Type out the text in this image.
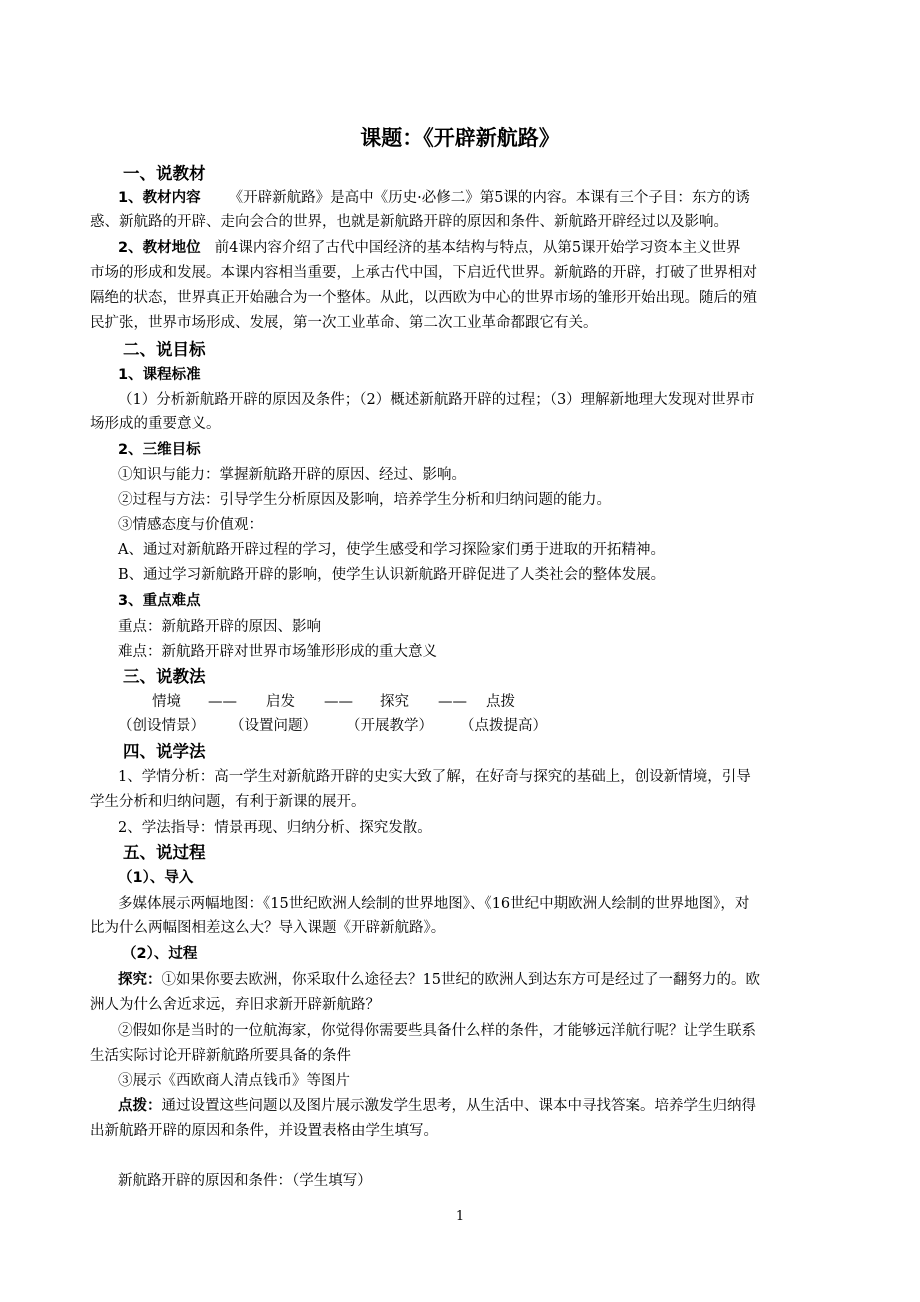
课题：《开辟新航路》
一、说教材
1、教材内容 《开辟新航路》是高中《历史·必修二》第5课的内容。本课有三个子目：东方的诱
惑、新航路的开辟、走向会合的世界，也就是新航路开辟的原因和条件、新航路开辟经过以及影响。
2、教材地位 前4课内容介绍了古代中国经济的基本结构与特点，从第5课开始学习资本主义世界
市场的形成和发展。本课内容相当重要，上承古代中国，下启近代世界。新航路的开辟，打破了世界相对
隔绝的状态，世界真正开始融合为一个整体。从此，以西欧为中心的世界市场的雏形开始出现。随后的殖
民扩张，世界市场形成、发展，第一次工业革命、第二次工业革命都跟它有关。
二、说目标
1、课程标准
（1）分析新航路开辟的原因及条件；（2）概述新航路开辟的过程；（3）理解新地理大发现对世界市
场形成的重要意义。
2、三维目标
①知识与能力：掌握新航路开辟的原因、经过、影响。
②过程与方法：引导学生分析原因及影响，培养学生分析和归纳问题的能力。
③情感态度与价值观：
A、通过对新航路开辟过程的学习，使学生感受和学习探险家们勇于进取的开拓精神。
B、通过学习新航路开辟的影响，使学生认识新航路开辟促进了人类社会的整体发展。
3、重点难点
重点：新航路开辟的原因、影响
难点：新航路开辟对世界市场雏形形成的重大意义
三、说教法
情境 —— 启发 —— 探究 —— 点拨
（创设情景） （设置问题） （开展教学） （点拨提高）
四、说学法
1、学情分析：高一学生对新航路开辟的史实大致了解，在好奇与探究的基础上，创设新情境，引导
学生分析和归纳问题，有利于新课的展开。
2、学法指导：情景再现、归纳分析、探究发散。
五、说过程
（1）、导入
多媒体展示两幅地图：《15世纪欧洲人绘制的世界地图》、《16世纪中期欧洲人绘制的世界地图》，对
比为什么两幅图相差这么大？导入课题《开辟新航路》。
（2）、过程
探究：①如果你要去欧洲，你采取什么途径去？15世纪的欧洲人到达东方可是经过了一翻努力的。欧
洲人为什么舍近求远，弃旧求新开辟新航路？
②假如你是当时的一位航海家，你觉得你需要些具备什么样的条件，才能够远洋航行呢？让学生联系
生活实际讨论开辟新航路所要具备的条件
③展示《西欧商人清点钱币》等图片
点拨：通过设置这些问题以及图片展示激发学生思考，从生活中、课本中寻找答案。培养学生归纳得
出新航路开辟的原因和条件，并设置表格由学生填写。
新航路开辟的原因和条件：（学生填写）
1
